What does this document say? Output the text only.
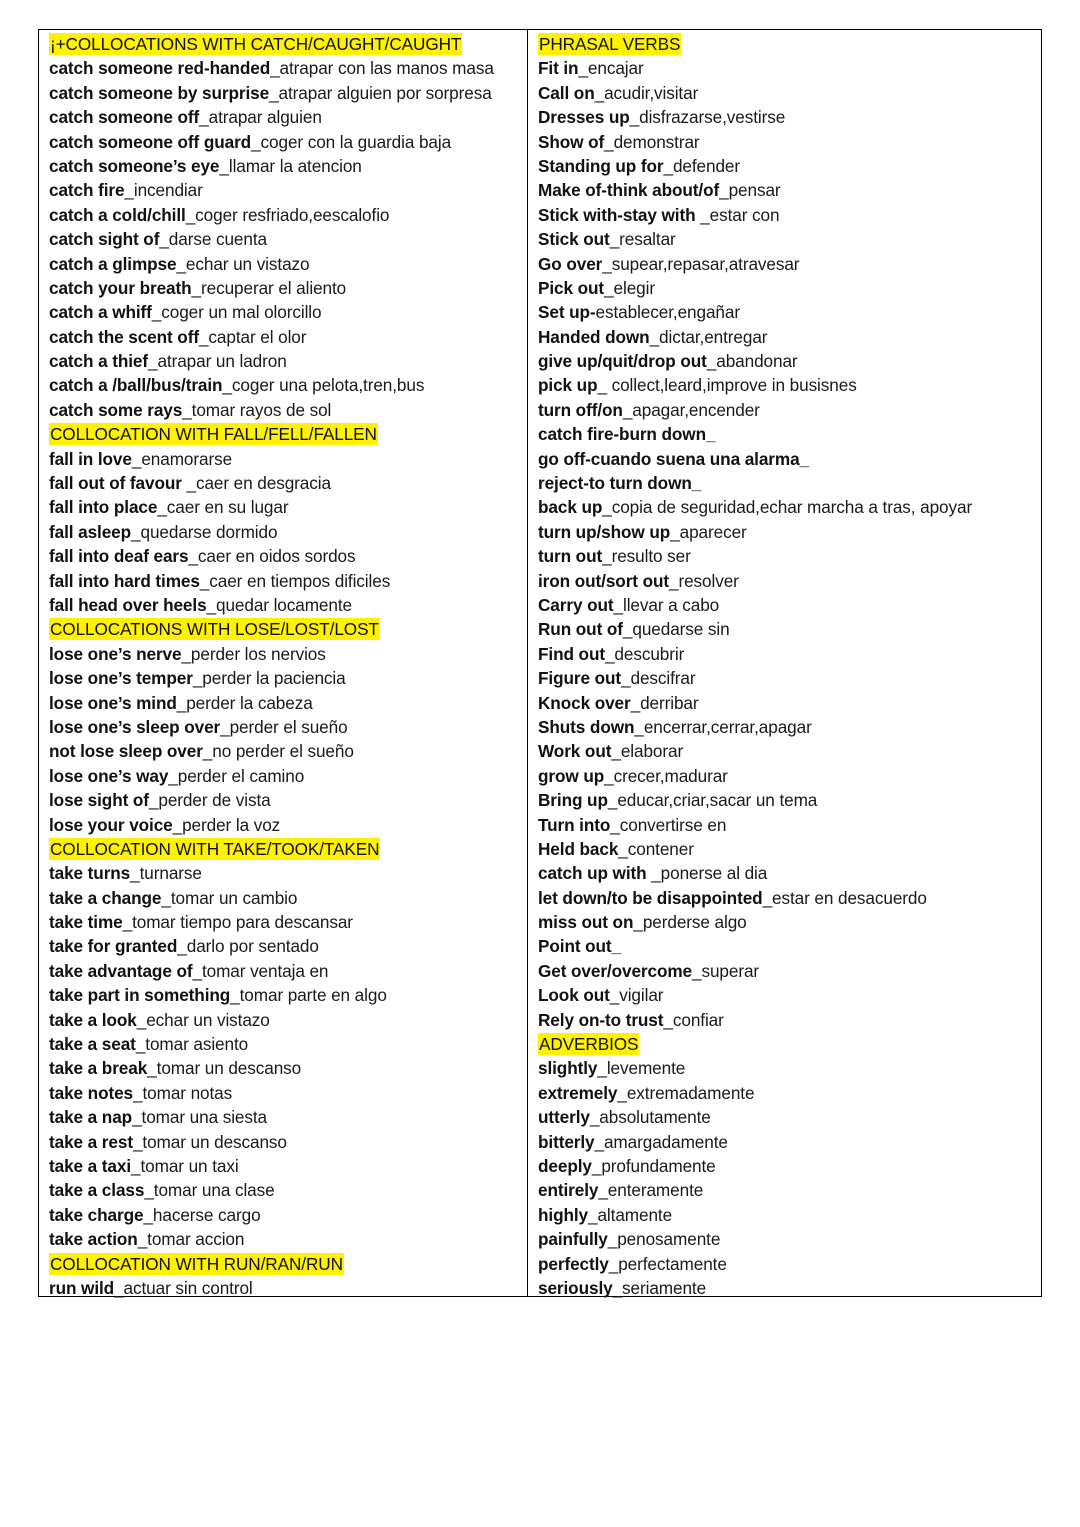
¡+COLLOCATIONS WITH CATCH/CAUGHT/CAUGHT
catch someone red-handed_atrapar con las manos masa
catch someone by surprise_atrapar alguien por sorpresa
catch someone off_atrapar alguien
catch someone off guard_coger con la guardia baja
catch someone’s eye_llamar la atencion
catch fire_incendiar
catch a cold/chill_coger resfriado,eescalofio
catch sight of_darse cuenta
catch a glimpse_echar un vistazo
catch your breath_recuperar el aliento
catch a whiff_coger un mal olorcillo
catch the scent off_captar el olor
catch a thief_atrapar un ladron
catch a /ball/bus/train_coger una pelota,tren,bus
catch some rays_tomar rayos de sol
COLLOCATION WITH FALL/FELL/FALLEN
fall in love_enamorarse
fall out of favour _caer en desgracia
fall into place_caer en su lugar
fall asleep_quedarse dormido
fall into deaf ears_caer en oidos sordos
fall into hard times_caer en tiempos dificiles
fall head over heels_quedar locamente
COLLOCATIONS WITH LOSE/LOST/LOST
lose one’s nerve_perder los nervios
lose one’s temper_perder la paciencia
lose one’s mind_perder la cabeza
lose one’s sleep over_perder el sueño
not lose sleep over_no perder el sueño
lose one’s way_perder el camino
lose sight of_perder de vista
lose your voice_perder la voz
COLLOCATION WITH TAKE/TOOK/TAKEN
take turns_turnarse
take a change_tomar un cambio
take time_tomar tiempo para descansar
take for granted_darlo por sentado
take advantage of_tomar ventaja en
take part in something_tomar parte en algo
take a look_echar un vistazo
take a seat_tomar asiento
take a break_tomar un descanso
take notes_tomar notas
take a nap_tomar una siesta
take a rest_tomar un descanso
take a taxi_tomar un taxi
take a class_tomar una clase
take charge_hacerse cargo
take action_tomar accion
COLLOCATION WITH RUN/RAN/RUN
run wild_actuar sin control
PHRASAL VERBS
Fit in_encajar
Call on_acudir,visitar
Dresses up_disfrazarse,vestirse
Show of_demonstrar
Standing up for_defender
Make of-think about/of_pensar
Stick with-stay with _estar con
Stick out_resaltar
Go over_supear,repasar,atravesar
Pick out_elegir
Set up-establecer,engañar
Handed down_dictar,entregar
give up/quit/drop out_abandonar
pick up_ collect,leard,improve in busisnes
turn off/on_apagar,encender
catch fire-burn down_
go off-cuando suena una alarma_
reject-to turn down_
back up_copia de seguridad,echar marcha a tras, apoyar
turn up/show up_aparecer
turn out_resulto ser
iron out/sort out_resolver
Carry out_llevar a cabo
Run out of_quedarse sin
Find out_descubrir
Figure out_descifrar
Knock over_derribar
Shuts down_encerrar,cerrar,apagar
Work out_elaborar
grow up_crecer,madurar
Bring up_educar,criar,sacar un tema
Turn into_convertirse en
Held back_contener
catch up with _ponerse al dia
let down/to be disappointed_estar en desacuerdo
miss out on_perderse algo
Point out_
Get over/overcome_superar
Look out_vigilar
Rely on-to trust_confiar
ADVERBIOS
slightly_levemente
extremely_extremadamente
utterly_absolutamente
bitterly_amargadamente
deeply_profundamente
entirely_enteramente
highly_altamente
painfully_penosamente
perfectly_perfectamente
seriously_seriamente
